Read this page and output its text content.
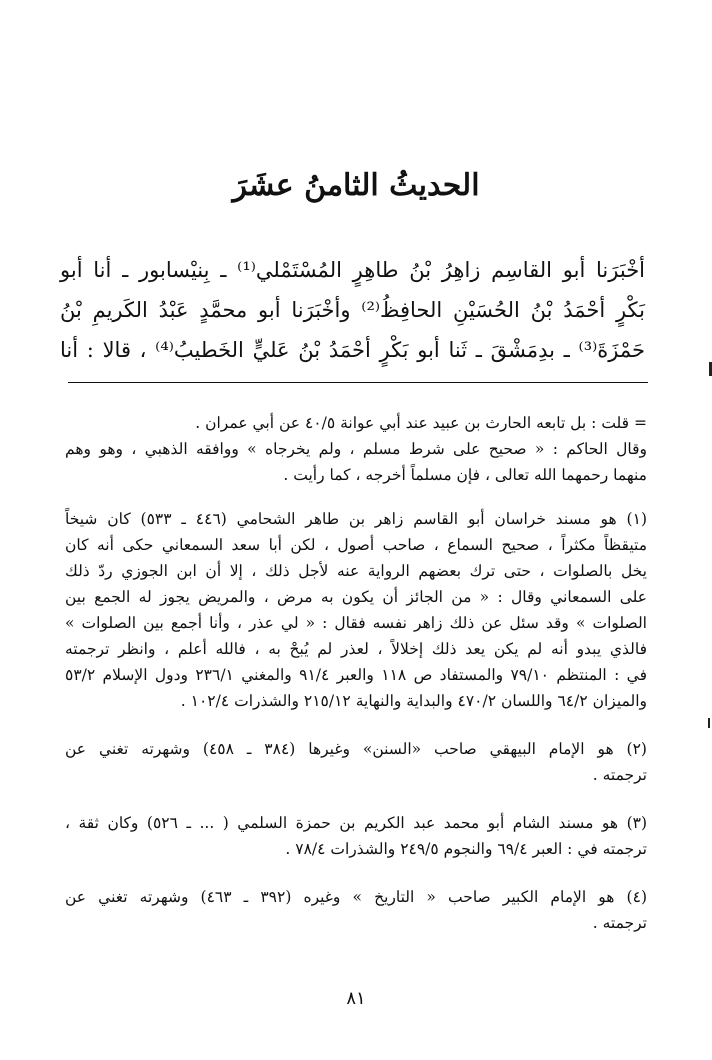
الحديثُ الثامنُ عشَرَ
أخْبَرَنا أبو القاسِم زاهِرُ بْنُ طاهِرٍ المُسْتَمْلي⁽¹⁾ ـ بِنيْسابور ـ أنا أبو
بَكْرٍ أحْمَدُ بْنُ الحُسَيْنِ الحافِظُ⁽²⁾ وأخْبَرَنا أبو محمَّدٍ عَبْدُ الكَريمِ بْنُ
حَمْزَةَ⁽³⁾ ـ بدِمَشْقَ ـ ثَنا أبو بَكْرٍ أحْمَدُ بْنُ عَليٍّ الخَطيبُ⁽⁴⁾ ، قالا : أنا
= قلت : بل تابعه الحارث بن عبيد عند أبي عوانة ٤٠/٥ عن أبي عمران .
وقال الحاكم : « صحيح على شرط مسلم ، ولم يخرجاه » ووافقه الذهبي ، وهو وهم
منهما رحمهما الله تعالى ، فإن مسلماً أخرجه ، كما رأيت .
(١) هو مسند خراسان أبو القاسم زاهر بن طاهر الشحامي (٤٤٦ ـ ٥٣٣) كان شيخاً
متيقظاً مكثراً ، صحيح السماع ، صاحب أصول ، لكن أبا سعد السمعاني حكى أنه كان
يخل بالصلوات ، حتى ترك بعضهم الرواية عنه لأجل ذلك ، إلا أن ابن الجوزي ردّ ذلك
على السمعاني وقال : « من الجائز أن يكون به مرض ، والمريض يجوز له الجمع بين
الصلوات » وقد سئل عن ذلك زاهر نفسه فقال : « لي عذر ، وأنا أجمع بين الصلوات »
فالذي يبدو أنه لم يكن يعد ذلك إخلالاً ، لعذر لم يُبحْ به ، فالله أعلم ، وانظر ترجمته
في : المنتظم ٧٩/١٠ والمستفاد ص ١١٨ والعبر ٩١/٤ والمغني ٢٣٦/١ ودول الإسلام ٥٣/٢
والميزان ٦٤/٢ واللسان ٤٧٠/٢ والبداية والنهاية ٢١٥/١٢ والشذرات ١٠٢/٤ .
(٢) هو الإمام البيهقي صاحب «السنن» وغيرها (٣٨٤ ـ ٤٥٨) وشهرته تغني عن
ترجمته .
(٣) هو مسند الشام أبو محمد عبد الكريم بن حمزة السلمي ( ... ـ ٥٢٦) وكان ثقة ،
ترجمته في : العبر ٦٩/٤ والنجوم ٢٤٩/٥ والشذرات ٧٨/٤ .
(٤) هو الإمام الكبير صاحب « التاريخ » وغيره (٣٩٢ ـ ٤٦٣) وشهرته تغني عن
ترجمته .
٨١
